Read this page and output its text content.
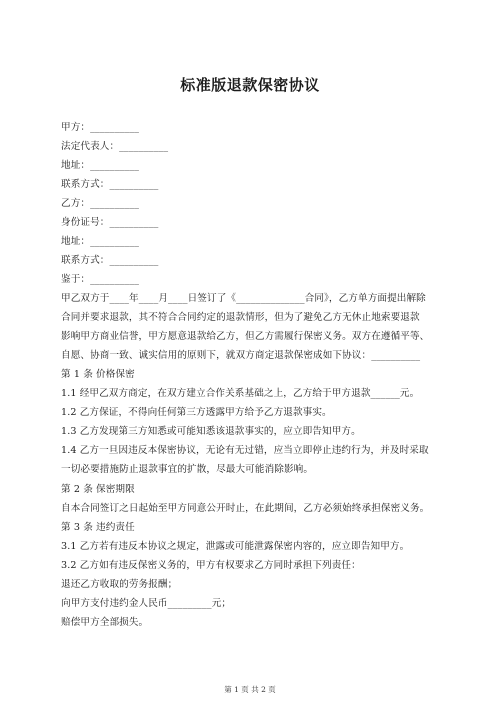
标准版退款保密协议
甲方：__________
法定代表人：__________
地址：__________
联系方式：__________
乙方：__________
身份证号：__________
地址：__________
联系方式：__________
鉴于：__________
甲乙双方于____年____月____日签订了《______________合同》，乙方单方面提出解除
合同并要求退款，其不符合合同约定的退款情形，但为了避免乙方无休止地索要退款
影响甲方商业信誉，甲方愿意退款给乙方，但乙方需履行保密义务。双方在遵循平等、
自愿、协商一致、诚实信用的原则下，就双方商定退款保密成如下协议：__________
第 1 条 价格保密
1.1 经甲乙双方商定，在双方建立合作关系基础之上，乙方给于甲方退款______元。
1.2 乙方保证，不得向任何第三方透露甲方给予乙方退款事实。
1.3 乙方发现第三方知悉或可能知悉该退款事实的，应立即告知甲方。
1.4 乙方一旦因违反本保密协议，无论有无过错，应当立即停止违约行为，并及时采取
一切必要措施防止退款事宜的扩散，尽最大可能消除影响。
第 2 条 保密期限
自本合同签订之日起始至甲方同意公开时止，在此期间，乙方必须始终承担保密义务。
第 3 条 违约责任
3.1 乙方若有违反本协议之规定，泄露或可能泄露保密内容的，应立即告知甲方。
3.2 乙方如有违反保密义务的，甲方有权要求乙方同时承担下列责任：
退还乙方收取的劳务报酬；
向甲方支付违约金人民币_________元；
赔偿甲方全部损失。
第 1 页 共 2 页
